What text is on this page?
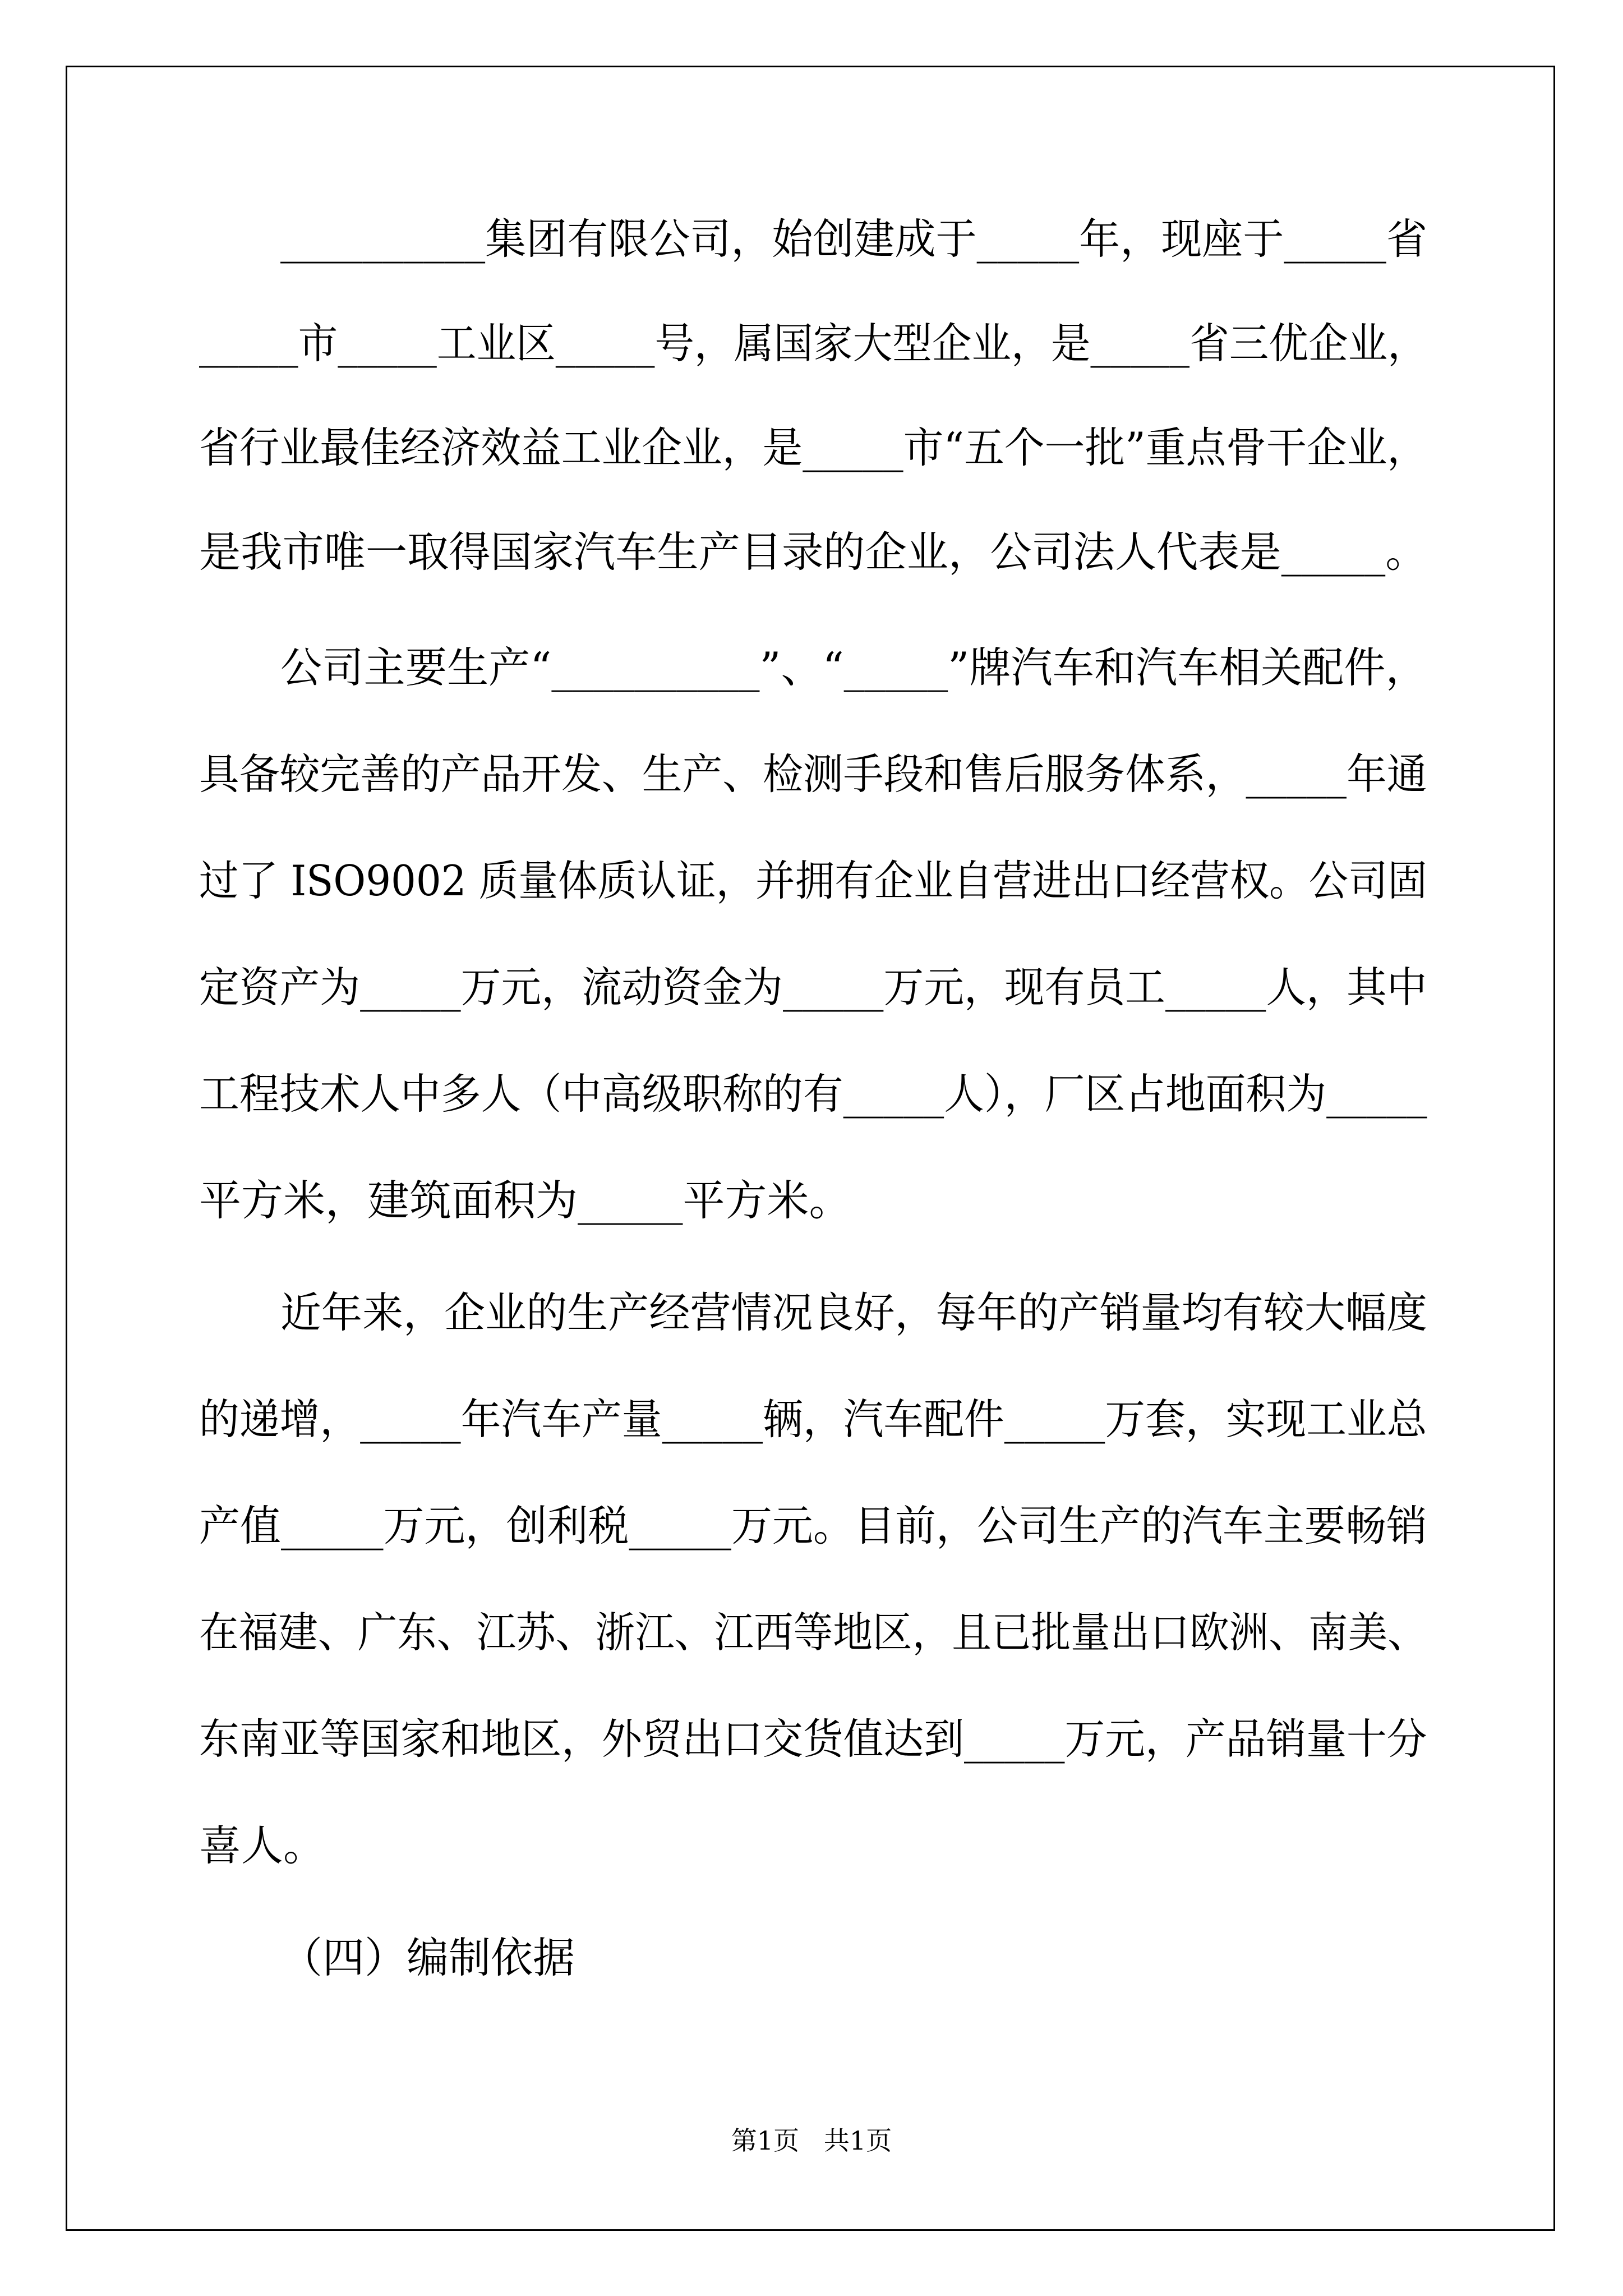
__________集团有限公司，始创建成于_____年，现座于_____省
_____市_____工业区_____号，属国家大型企业，是_____省三优企业，
省行业最佳经济效益工业企业，是_____市“五个一批”重点骨干企业，
是我市唯一取得国家汽车生产目录的企业，公司法人代表是_____。
公司主要生产“__________”、“_____”牌汽车和汽车相关配件，
具备较完善的产品开发、生产、检测手段和售后服务体系，_____年通
过了 ISO9002 质量体质认证，并拥有企业自营进出口经营权。公司固
定资产为_____万元，流动资金为_____万元，现有员工_____人，其中
工程技术人中多人（中高级职称的有_____人），厂区占地面积为_____
平方米，建筑面积为_____平方米。
近年来，企业的生产经营情况良好，每年的产销量均有较大幅度
的递增，_____年汽车产量_____辆，汽车配件_____万套，实现工业总
产值_____万元，创利税_____万元。目前，公司生产的汽车主要畅销
在福建、广东、江苏、浙江、江西等地区，且已批量出口欧洲、南美、
东南亚等国家和地区，外贸出口交货值达到_____万元，产品销量十分
喜人。
（四）编制依据
第1页   共1页
